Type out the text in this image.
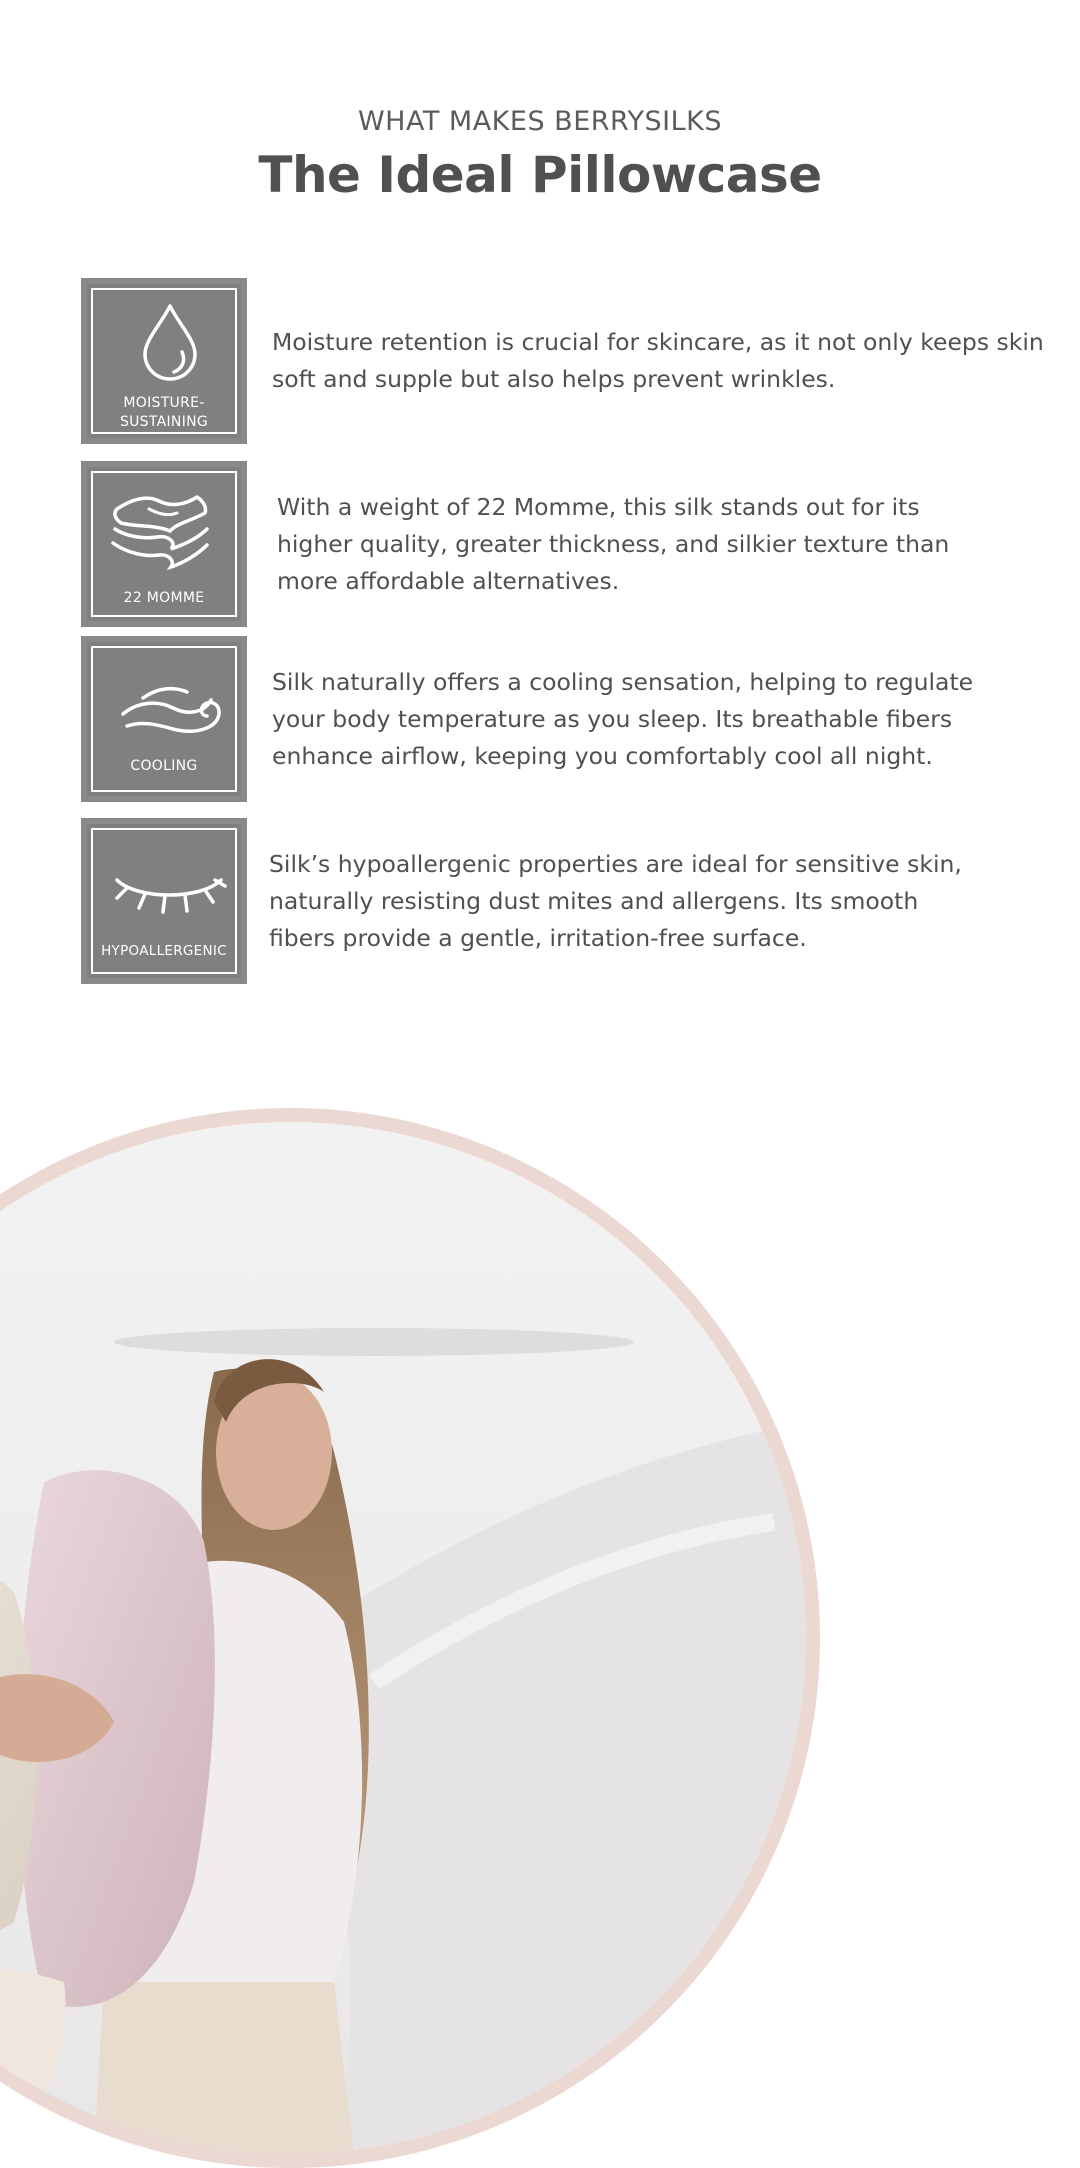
WHAT MAKES BERRYSILKS
The Ideal Pillowcase
MOISTURE-
SUSTAINING
Moisture retention is crucial for skincare, as it not only keeps skin soft and supple but also helps prevent wrinkles.
22 MOMME
With a weight of 22 Momme, this silk stands out for its higher quality, greater thickness, and silkier texture than more affordable alternatives.
COOLING
Silk naturally offers a cooling sensation, helping to regulate your body temperature as you sleep. Its breathable fibers enhance airflow, keeping you comfortably cool all night.
HYPOALLERGENIC
Silk’s hypoallergenic properties are ideal for sensitive skin, naturally resisting dust mites and allergens. Its smooth fibers provide a gentle, irritation-free surface.
